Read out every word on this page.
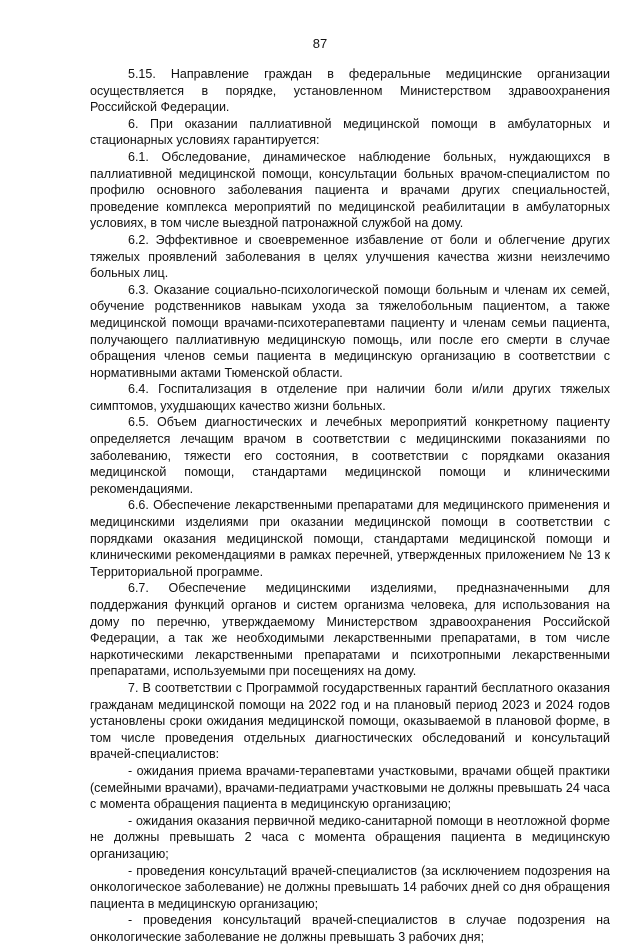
87

5.15. Направление граждан в федеральные медицинские организации осуществляется в порядке, установленном Министерством здравоохранения Российской Федерации.

6. При оказании паллиативной медицинской помощи в амбулаторных и стационарных условиях гарантируется:

6.1. Обследование, динамическое наблюдение больных, нуждающихся в паллиативной медицинской помощи, консультации больных врачом-специалистом по профилю основного заболевания пациента и врачами других специальностей, проведение комплекса мероприятий по медицинской реабилитации в амбулаторных условиях, в том числе выездной патронажной службой на дому.

6.2. Эффективное и своевременное избавление от боли и облегчение других тяжелых проявлений заболевания в целях улучшения качества жизни неизлечимо больных лиц.

6.3. Оказание социально-психологической помощи больным и членам их семей, обучение родственников навыкам ухода за тяжелобольным пациентом, а также медицинской помощи врачами-психотерапевтами пациенту и членам семьи пациента, получающего паллиативную медицинскую помощь, или после его смерти в случае обращения членов семьи пациента в медицинскую организацию в соответствии с нормативными актами Тюменской области.

6.4. Госпитализация в отделение при наличии боли и/или других тяжелых симптомов, ухудшающих качество жизни больных.

6.5. Объем диагностических и лечебных мероприятий конкретному пациенту определяется лечащим врачом в соответствии с медицинскими показаниями по заболеванию, тяжести его состояния, в соответствии с порядками оказания медицинской помощи, стандартами медицинской помощи и клиническими рекомендациями.

6.6. Обеспечение лекарственными препаратами для медицинского применения и медицинскими изделиями при оказании медицинской помощи в соответствии с порядками оказания медицинской помощи, стандартами медицинской помощи и клиническими рекомендациями в рамках перечней, утвержденных приложением № 13 к Территориальной программе.

6.7. Обеспечение медицинскими изделиями, предназначенными для поддержания функций органов и систем организма человека, для использования на дому по перечню, утверждаемому Министерством здравоохранения Российской Федерации, а так же необходимыми лекарственными препаратами, в том числе наркотическими лекарственными препаратами и психотропными лекарственными препаратами, используемыми при посещениях на дому.

7. В соответствии с Программой государственных гарантий бесплатного оказания гражданам медицинской помощи на 2022 год и на плановый период 2023 и 2024 годов установлены сроки ожидания медицинской помощи, оказываемой в плановой форме, в том числе проведения отдельных диагностических обследований и консультаций врачей-специалистов:

- ожидания приема врачами-терапевтами участковыми, врачами общей практики (семейными врачами), врачами-педиатрами участковыми не должны превышать 24 часа с момента обращения пациента в медицинскую организацию;

- ожидания оказания первичной медико-санитарной помощи в неотложной форме не должны превышать 2 часа с момента обращения пациента в медицинскую организацию;

- проведения консультаций врачей-специалистов (за исключением подозрения на онкологическое заболевание) не должны превышать 14 рабочих дней со дня обращения пациента в медицинскую организацию;

- проведения консультаций врачей-специалистов в случае подозрения на онкологические заболевание не должны превышать 3 рабочих дня;
